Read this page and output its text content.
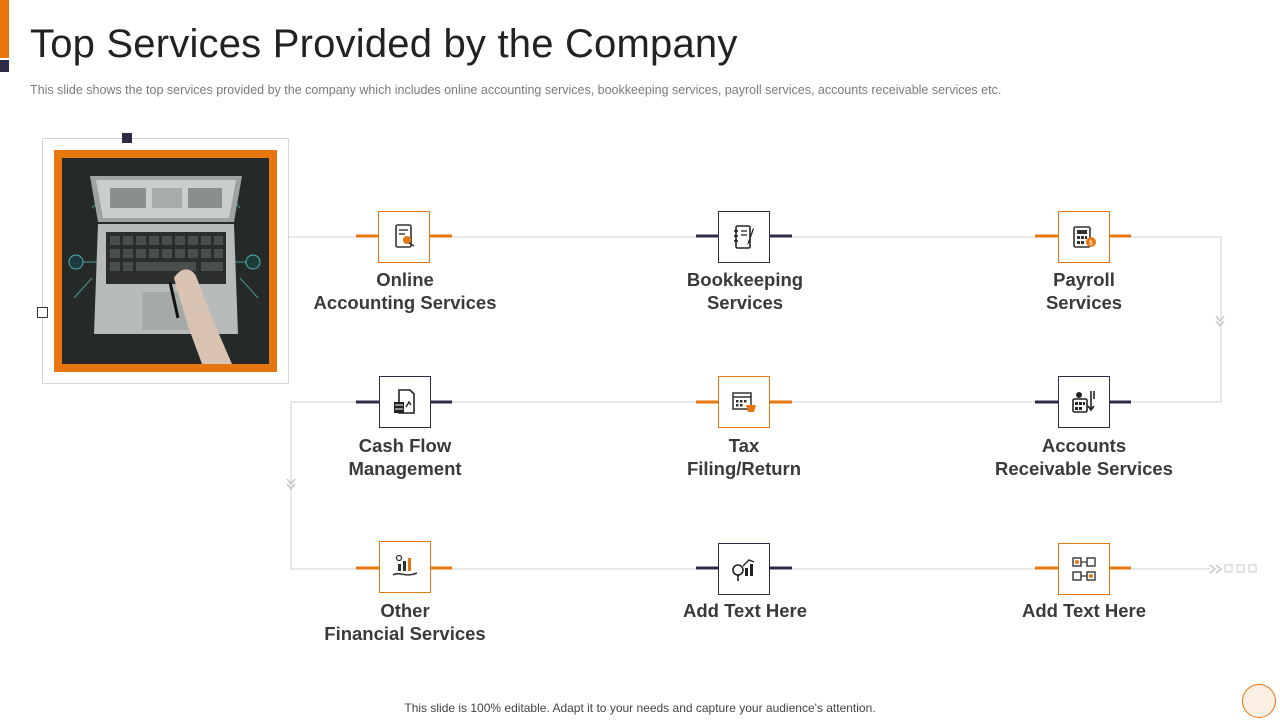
Top Services Provided by the Company

This slide shows the top services provided by the company which includes online accounting services, bookkeeping services, payroll services, accounts receivable services etc.

$
Online
Accounting Services
Bookkeeping
Services
Payroll
Services
Cash Flow
Management
Tax
Filing/Return
Accounts
Receivable Services
Other
Financial Services
Add Text Here	Add Text Here

This slide is 100% editable. Adapt it to your needs and capture your audience's attention.
